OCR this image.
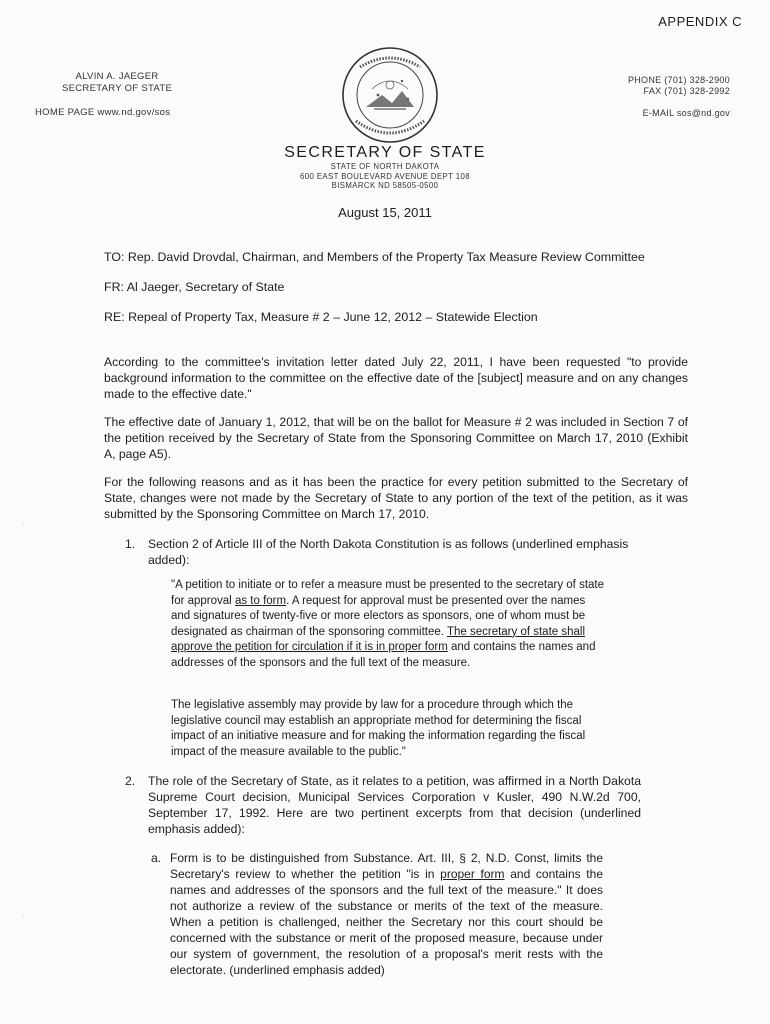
APPENDIX C
ALVIN A. JAEGER
SECRETARY OF STATE
HOME PAGE www.nd.gov/sos
PHONE (701) 328-2900
FAX (701) 328-2992
E-MAIL sos@nd.gov
SECRETARY OF STATE
STATE OF NORTH DAKOTA
600 EAST BOULEVARD AVENUE DEPT 108
BISMARCK ND 58505-0500
August 15, 2011
TO: Rep. David Drovdal, Chairman, and Members of the Property Tax Measure Review Committee
FR: Al Jaeger, Secretary of State
RE: Repeal of Property Tax, Measure # 2 – June 12, 2012 – Statewide Election

According to the committee's invitation letter dated July 22, 2011, I have been requested "to provide background information to the committee on the effective date of the [subject] measure and on any changes made to the effective date."

The effective date of January 1, 2012, that will be on the ballot for Measure # 2 was included in Section 7 of the petition received by the Secretary of State from the Sponsoring Committee on March 17, 2010 (Exhibit A, page A5).

For the following reasons and as it has been the practice for every petition submitted to the Secretary of State, changes were not made by the Secretary of State to any portion of the text of the petition, as it was submitted by the Sponsoring Committee on March 17, 2010.

1. Section 2 of Article III of the North Dakota Constitution is as follows (underlined emphasis added):

"A petition to initiate or to refer a measure must be presented to the secretary of state for approval as to form. A request for approval must be presented over the names and signatures of twenty-five or more electors as sponsors, one of whom must be designated as chairman of the sponsoring committee. The secretary of state shall approve the petition for circulation if it is in proper form and contains the names and addresses of the sponsors and the full text of the measure.

The legislative assembly may provide by law for a procedure through which the legislative council may establish an appropriate method for determining the fiscal impact of an initiative measure and for making the information regarding the fiscal impact of the measure available to the public."

2. The role of the Secretary of State, as it relates to a petition, was affirmed in a North Dakota Supreme Court decision, Municipal Services Corporation v Kusler, 490 N.W.2d 700, September 17, 1992. Here are two pertinent excerpts from that decision (underlined emphasis added):

a. Form is to be distinguished from Substance. Art. III, § 2, N.D. Const, limits the Secretary's review to whether the petition "is in proper form and contains the names and addresses of the sponsors and the full text of the measure." It does not authorize a review of the substance or merits of the text of the measure. When a petition is challenged, neither the Secretary nor this court should be concerned with the substance or merit of the proposed measure, because under our system of government, the resolution of a proposal's merit rests with the electorate. (underlined emphasis added)

·
·
